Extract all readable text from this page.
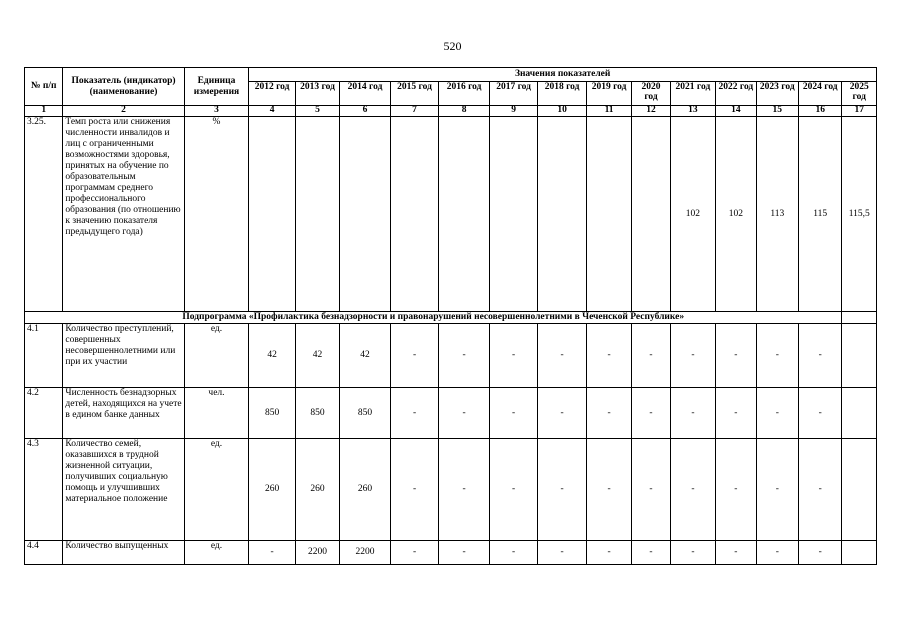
520
№ п/п	Показатель (индикатор) (наименование)	Единица измерения	Значения показателей													
			2012 год	2013 год	2014 год	2015 год	2016 год	2017 год	2018 год	2019 год	2020 год	2021 год	2022 год	2023 год	2024 год	2025 год
1	2	3	4	5	6	7	8	9	10	11	12	13	14	15	16	17
3.25.	Темп роста или снижения численности инвалидов и лиц с ограниченными возможностями здоровья, принятых на обучение по образовательным программам среднего профессионального образования (по отношению к значению показателя предыдущего года)	%										102	102	113	115	115,5
Подпрограмма «Профилактика безнадзорности и правонарушений несовершеннолетними в Чеченской Республике»																
4.1	Количество преступлений, совершенных несовершеннолетними или при их участии	ед.	42	42	42	-	-	-	-	-	-	-	-	-	-	
4.2	Численность безнадзорных детей, находящихся на учете в едином банке данных	чел.	850	850	850	-	-	-	-	-	-	-	-	-	-	
4.3	Количество семей, оказавшихся в трудной жизненной ситуации, получивших социальную помощь и улучшивших материальное положение	ед.	260	260	260	-	-	-	-	-	-	-	-	-	-	
4.4	Количество выпущенных	ед.	-	2200	2200	-	-	-	-	-	-	-	-	-	-	
